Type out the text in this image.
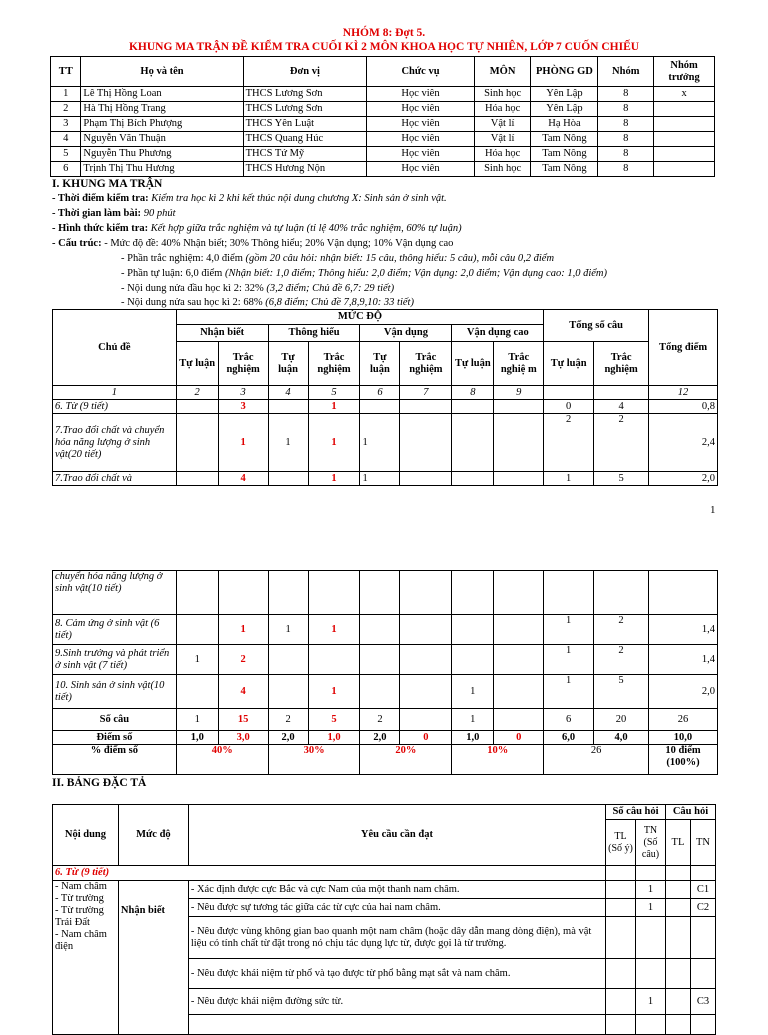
NHÓM 8: Đợt 5.
KHUNG MA TRẬN ĐỀ KIỂM TRA CUỐI KÌ 2 MÔN KHOA HỌC TỰ NHIÊN, LỚP 7 CUỐN CHIẾU
TT	Họ và tên	Đơn vị	Chức vụ	MÔN	PHÒNG GD	Nhóm	Nhóm trưởng
1	Lê Thị Hồng Loan	THCS Lương Sơn	Học viên	Sinh học	Yên Lập	8	x
2	Hà Thị Hồng Trang	THCS Lương Sơn	Học viên	Hóa học	Yên Lập	8	
3	Phạm Thị Bích Phượng	THCS Yên Luật	Học viên	Vật lí	Hạ Hòa	8	
4	Nguyễn Văn Thuận	THCS Quang Húc	Học viên	Vật lí	Tam Nông	8	
5	Nguyễn Thu Phương	THCS Tứ Mỹ	Học viên	Hóa học	Tam Nông	8	
6	Trịnh Thị Thu Hương	THCS Hương Nộn	Học viên	Sinh học	Tam Nông	8	
I. KHUNG MA TRẬN
- Thời điểm kiểm tra: Kiểm tra học kì 2 khi kết thúc nội dung chương X: Sinh sản ở sinh vật.
- Thời gian làm bài: 90 phút
- Hình thức kiểm tra: Kết hợp giữa trắc nghiệm và tự luận (tỉ lệ 40% trắc nghiệm, 60% tự luận)
- Cấu trúc: - Mức độ đề: 40% Nhận biết; 30% Thông hiểu; 20% Vận dụng; 10% Vận dụng cao
- Phần trắc nghiệm: 4,0 điểm (gồm 20 câu hỏi: nhận biết: 15 câu, thông hiểu: 5 câu), mỗi câu 0,2 điểm
- Phần tự luận: 6,0 điểm (Nhận biết: 1,0 điểm; Thông hiểu: 2,0 điểm; Vận dụng: 2,0 điểm; Vận dụng cao: 1,0 điểm)
- Nội dung nửa đầu học kì 2: 32% (3,2 điểm; Chủ đề 6,7: 29 tiết)
- Nội dung nửa sau học kì 2: 68% (6,8 điểm; Chủ đề 7,8,9,10: 33 tiết)
Chủ đề	MỨC ĐỘ								Tổng số câu		Tổng điểm
	Nhận biết		Thông hiểu		Vận dụng		Vận dụng cao				
	Tự luận	Trắc nghiệm	Tự luận	Trắc nghiệm	Tự luận	Trắc nghiệm	Tự luận	Trắc nghiệ m	Tự luận	Trắc nghiệm	
1	2	3	4	5	6	7	8	9			12
6. Từ (9 tiết)		3		1					0	4	0,8
7.Trao đổi chất và chuyển hóa năng lượng ở sinh vật(20 tiết)		1	1	1	1				2	2	2,4
7.Trao đổi chất và		4		1	1				1	5	2,0
1
chuyển hóa năng lượng ở sinh vật(10 tiết)											
8. Cảm ứng ở sinh vật (6 tiết)		1	1	1					1	2	1,4
9.Sinh trưởng và phát triển ở sinh vật (7 tiết)	1	2							1	2	1,4
10. Sinh sản ở sinh vật(10 tiết)		4		1			1		1	5	2,0
Số câu	1	15	2	5	2		1		6	20	26
Điểm số	1,0	3,0	2,0	1,0	2,0	0	1,0	0	6,0	4,0	10,0
% điểm số	40%		30%		20%		10%		26		10 điểm (100%)
II. BẢNG ĐẶC TẢ
Nội dung	Mức độ	Yêu cầu cần đạt	Số câu hỏi		Câu hỏi	
			TL (Số ý)	TN (Số câu)	TL	TN
6. Từ (9 tiết)						
- Nam châm
- Từ trường
- Từ trường Trái Đất
- Nam châm điện	Nhận biết	- Xác định được cực Bắc và cực Nam của một thanh nam châm.		1		C1
		- Nêu được sự tương tác giữa các từ cực của hai nam châm.		1		C2
		- Nêu được vùng không gian bao quanh một nam châm (hoặc dây dẫn mang dòng điện), mà vật liệu có tính chất từ đặt trong nó chịu tác dụng lực từ, được gọi là từ trường.				
		- Nêu được khái niệm từ phổ và tạo được từ phổ bằng mạt sắt và nam châm.				
		- Nêu được khái niệm đường sức từ.		1		C3
